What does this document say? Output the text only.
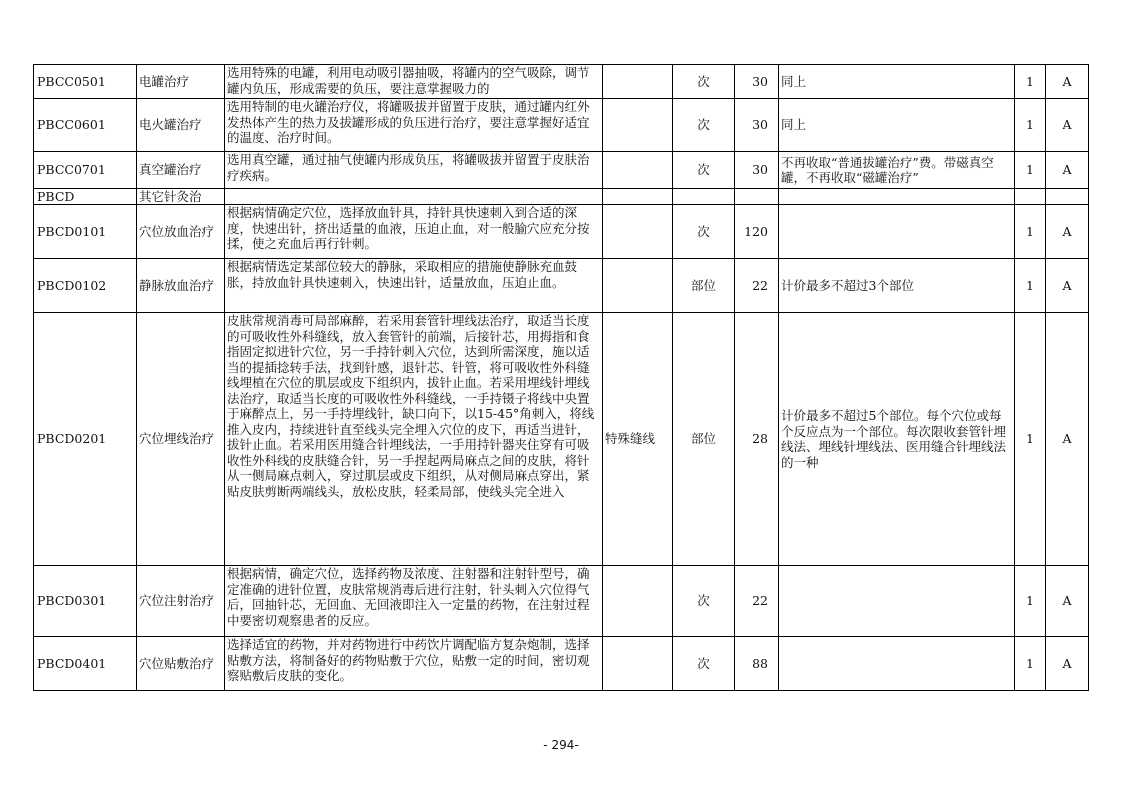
PBCC0501	电罐治疗	选用特殊的电罐，利用电动吸引器抽吸，将罐内的空气吸除，调节罐内负压，形成需要的负压，要注意掌握吸力的		次	30	同上	1	A

PBCC0601	电火罐治疗	选用特制的电火罐治疗仪，将罐吸拔并留置于皮肤，通过罐内红外发热体产生的热力及拔罐形成的负压进行治疗，要注意掌握好适宜的温度、治疗时间。		次	30	同上	1	A

PBCC0701	真空罐治疗	选用真空罐，通过抽气使罐内形成负压，将罐吸拔并留置于皮肤治疗疾病。		次	30	不再收取“普通拔罐治疗”费。带磁真空罐，不再收取“磁罐治疗”	1	A

PBCD	其它针灸治							

PBCD0101	穴位放血治疗	根据病情确定穴位，选择放血针具，持针具快速刺入到合适的深度，快速出针，挤出适量的血液，压迫止血，对一般腧穴应充分按揉，使之充血后再行针刺。		次	120		1	A

PBCD0102	静脉放血治疗	根据病情选定某部位较大的静脉，采取相应的措施使静脉充血鼓胀，持放血针具快速刺入，快速出针，适量放血，压迫止血。		部位	22	计价最多不超过3个部位	1	A

PBCD0201	穴位埋线治疗	皮肤常规消毒可局部麻醉，若采用套管针埋线法治疗，取适当长度的可吸收性外科缝线，放入套管针的前端，后接针芯，用拇指和食指固定拟进针穴位，另一手持针刺入穴位，达到所需深度，施以适当的提插捻转手法，找到针感，退针芯、针管，将可吸收性外科缝线埋植在穴位的肌层或皮下组织内，拔针止血。若采用埋线针埋线法治疗，取适当长度的可吸收性外科缝线，一手持镊子将线中央置于麻醉点上，另一手持埋线针，缺口向下，以15-45°角刺入，将线推入皮内，持续进针直至线头完全埋入穴位的皮下，再适当进针，拔针止血。若采用医用缝合针埋线法，一手用持针器夹住穿有可吸收性外科线的皮肤缝合针，另一手捏起两局麻点之间的皮肤，将针从一侧局麻点刺入，穿过肌层或皮下组织，从对侧局麻点穿出，紧贴皮肤剪断两端线头，放松皮肤，轻柔局部，使线头完全进入	特殊缝线	部位	28	计价最多不超过5个部位。每个穴位或每个反应点为一个部位。每次限收套管针埋线法、埋线针埋线法、医用缝合针埋线法的一种	1	A

PBCD0301	穴位注射治疗	根据病情，确定穴位，选择药物及浓度、注射器和注射针型号，确定准确的进针位置，皮肤常规消毒后进行注射，针头刺入穴位得气后，回抽针芯，无回血、无回液即注入一定量的药物，在注射过程中要密切观察患者的反应。		次	22		1	A

PBCD0401	穴位贴敷治疗	选择适宜的药物，并对药物进行中药饮片调配临方复杂炮制，选择贴敷方法，将制备好的药物贴敷于穴位，贴敷一定的时间，密切观察贴敷后皮肤的变化。		次	88		1	A
- 294-
